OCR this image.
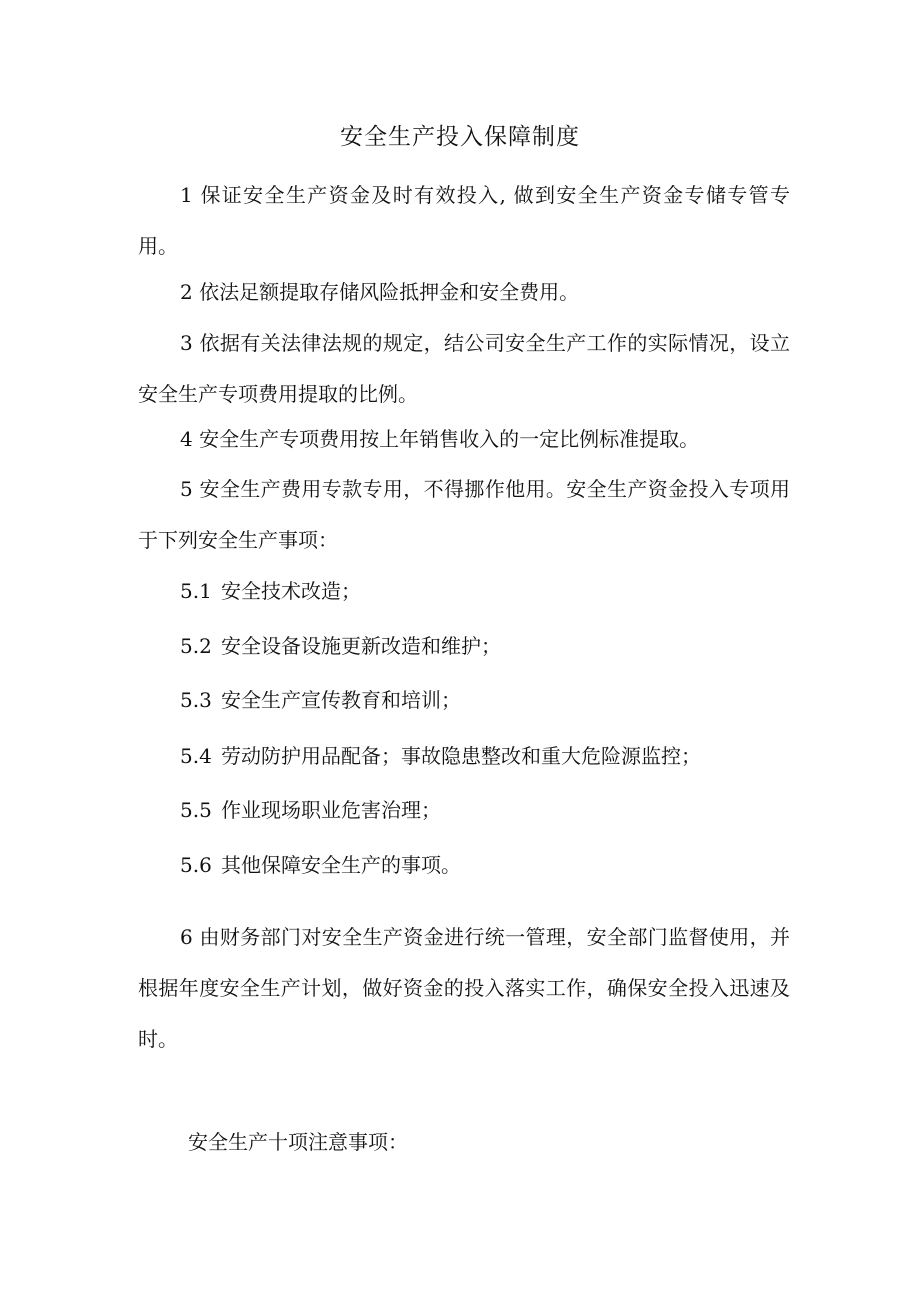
安全生产投入保障制度

1 保证安全生产资金及时有效投入, 做到安全生产资金专储专管专用。

2 依法足额提取存储风险抵押金和安全费用。

3 依据有关法律法规的规定，结公司安全生产工作的实际情况，设立安全生产专项费用提取的比例。

4 安全生产专项费用按上年销售收入的一定比例标准提取。

5 安全生产费用专款专用，不得挪作他用。安全生产资金投入专项用于下列安全生产事项：

5.1 安全技术改造；
5.2 安全设备设施更新改造和维护；
5.3 安全生产宣传教育和培训；
5.4 劳动防护用品配备；事故隐患整改和重大危险源监控；
5.5 作业现场职业危害治理；
5.6 其他保障安全生产的事项。

6 由财务部门对安全生产资金进行统一管理，安全部门监督使用，并根据年度安全生产计划，做好资金的投入落实工作，确保安全投入迅速及时。

安全生产十项注意事项：
